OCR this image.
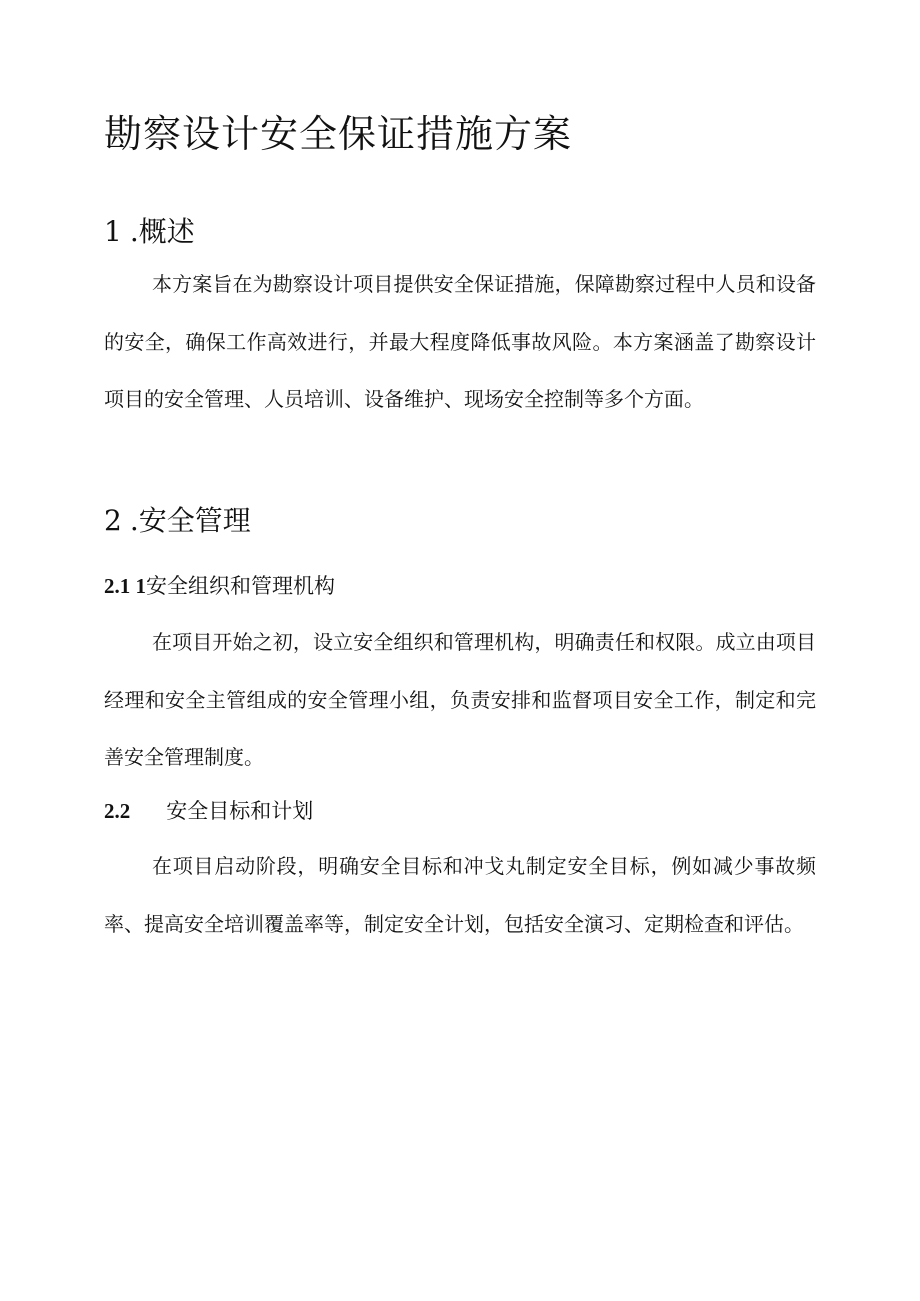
勘察设计安全保证措施方案
1 .概述

本方案旨在为勘察设计项目提供安全保证措施，保障勘察过程中人员和设备的安全，确保工作高效进行，并最大程度降低事故风险。本方案涵盖了勘察设计项目的安全管理、人员培训、设备维护、现场安全控制等多个方面。

2 .安全管理
2.1 1安全组织和管理机构

在项目开始之初，设立安全组织和管理机构，明确责任和权限。成立由项目经理和安全主管组成的安全管理小组，负责安排和监督项目安全工作，制定和完善安全管理制度。

2.2 安全目标和计划

在项目启动阶段，明确安全目标和冲戈丸制定安全目标，例如减少事故频率、提高安全培训覆盖率等，制定安全计划，包括安全演习、定期检查和评估。
